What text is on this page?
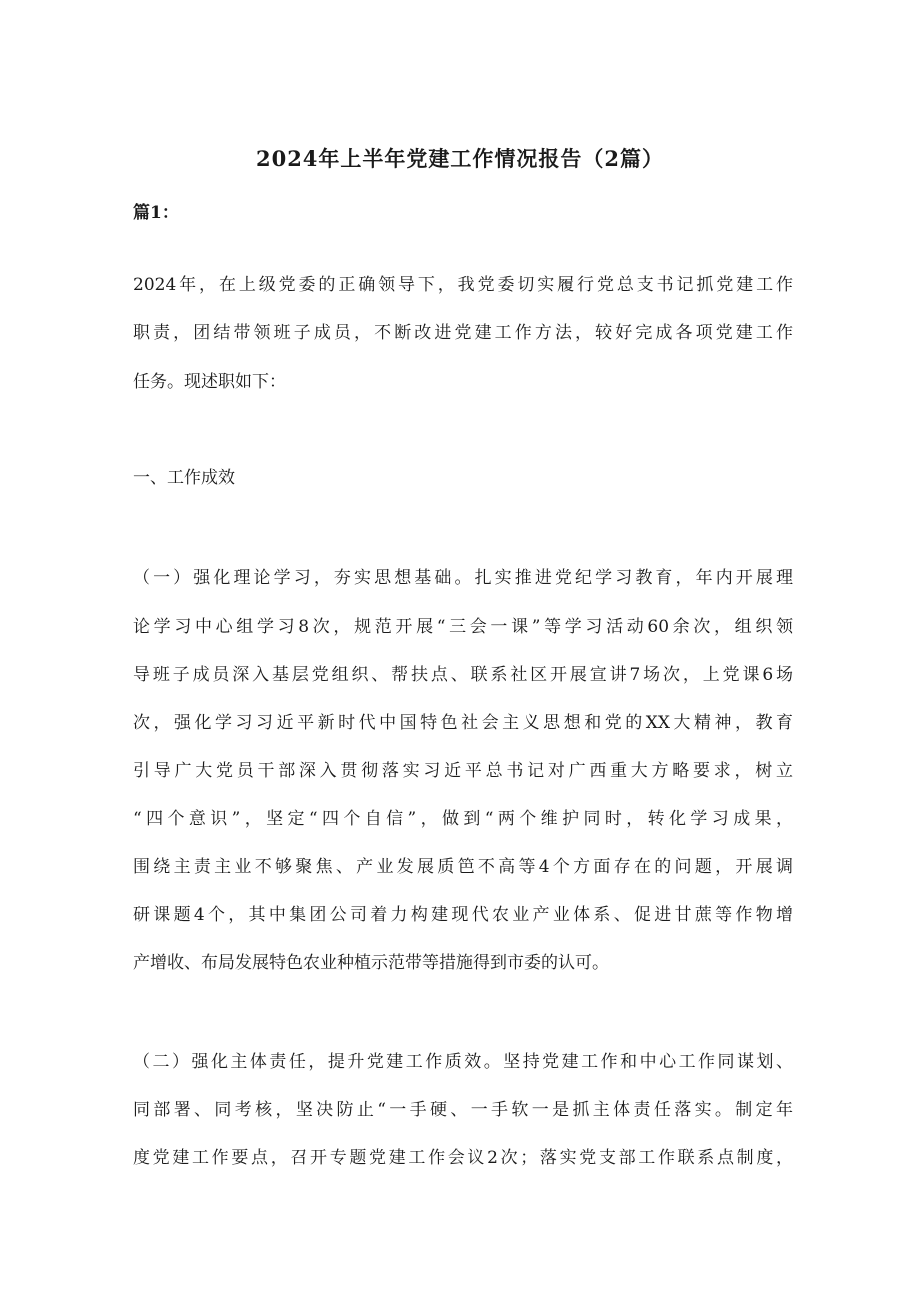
2024年上半年党建工作情况报告（2篇）
篇1：
2024年，在上级党委的正确领导下，我党委切实履行党总支书记抓党建工作
职责，团结带领班子成员，不断改进党建工作方法，较好完成各项党建工作
任务。现述职如下：
一、工作成效
（一）强化理论学习，夯实思想基础。扎实推进党纪学习教育，年内开展理
论学习中心组学习8次，规范开展“三会一课”等学习活动60余次，组织领
导班子成员深入基层党组织、帮扶点、联系社区开展宣讲7场次，上党课6场
次，强化学习习近平新时代中国特色社会主义思想和党的XX大精神，教育
引导广大党员干部深入贯彻落实习近平总书记对广西重大方略要求，树立
“四个意识”，坚定“四个自信”，做到“两个维护同时，转化学习成果，
围绕主责主业不够聚焦、产业发展质笆不高等4个方面存在的问题，开展调
研课题4个，其中集团公司着力构建现代农业产业体系、促进甘蔗等作物增
产增收、布局发展特色农业种植示范带等措施得到市委的认可。
（二）强化主体责任，提升党建工作质效。坚持党建工作和中心工作同谋划、
同部署、同考核，坚决防止“一手硬、一手软一是抓主体责任落实。制定年
度党建工作要点，召开专题党建工作会议2次；落实党支部工作联系点制度，
